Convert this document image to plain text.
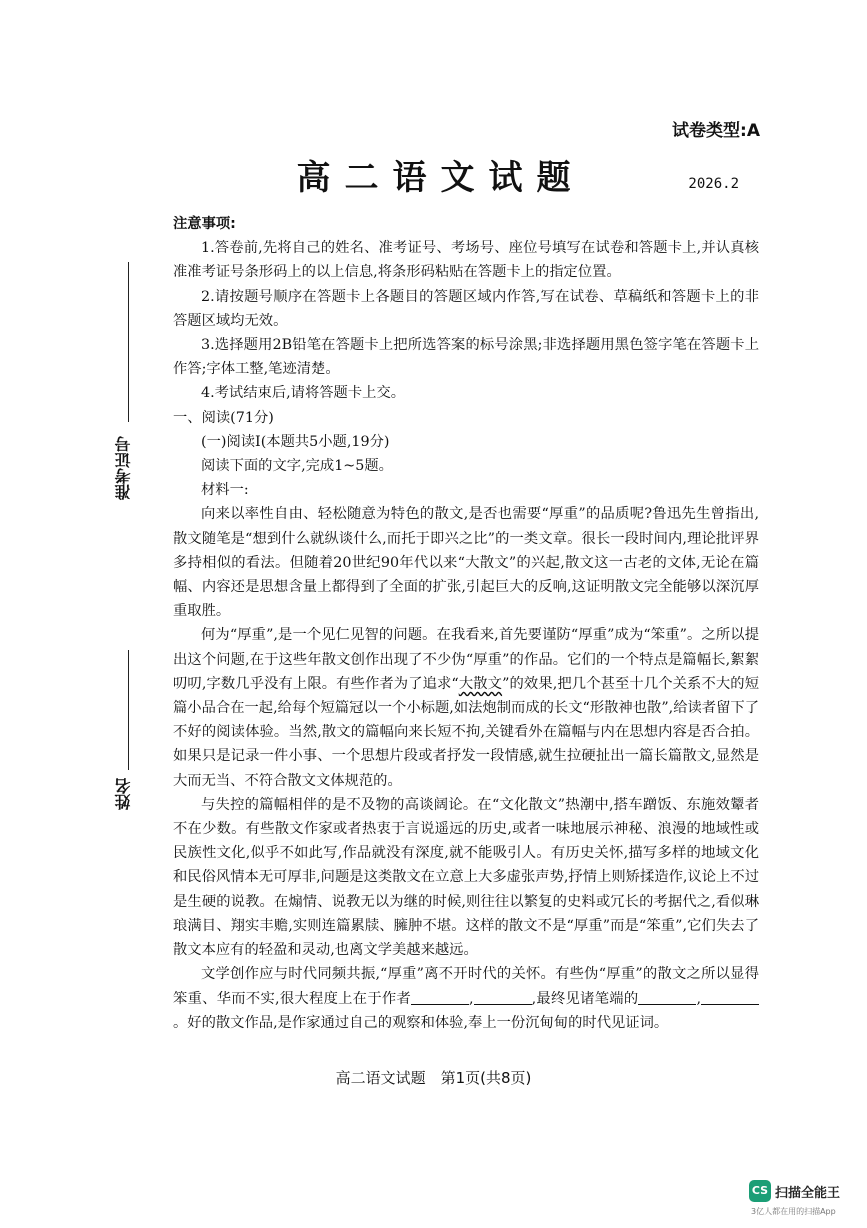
试卷类型:A
高二语文试题	2026.2
准考证号
姓名

注意事项:

1.答卷前,先将自己的姓名、准考证号、考场号、座位号填写在试卷和答题卡上,并认真核准准考证号条形码上的以上信息,将条形码粘贴在答题卡上的指定位置。

2.请按题号顺序在答题卡上各题目的答题区域内作答,写在试卷、草稿纸和答题卡上的非答题区域均无效。

3.选择题用2B铅笔在答题卡上把所选答案的标号涂黑;非选择题用黑色签字笔在答题卡上作答;字体工整,笔迹清楚。

4.考试结束后,请将答题卡上交。

一、阅读(71分)

(一)阅读Ⅰ(本题共5小题,19分)

阅读下面的文字,完成1~5题。

材料一:

向来以率性自由、轻松随意为特色的散文,是否也需要“厚重”的品质呢?鲁迅先生曾指出,散文随笔是“想到什么就纵谈什么,而托于即兴之比”的一类文章。很长一段时间内,理论批评界多持相似的看法。但随着20世纪90年代以来“大散文”的兴起,散文这一古老的文体,无论在篇幅、内容还是思想含量上都得到了全面的扩张,引起巨大的反响,这证明散文完全能够以深沉厚重取胜。

何为“厚重”,是一个见仁见智的问题。在我看来,首先要谨防“厚重”成为“笨重”。之所以提出这个问题,在于这些年散文创作出现了不少伪“厚重”的作品。它们的一个特点是篇幅长,絮絮叨叨,字数几乎没有上限。有些作者为了追求“大散文”的效果,把几个甚至十几个关系不大的短篇小品合在一起,给每个短篇冠以一个小标题,如法炮制而成的长文“形散神也散”,给读者留下了不好的阅读体验。当然,散文的篇幅向来长短不拘,关键看外在篇幅与内在思想内容是否合拍。如果只是记录一件小事、一个思想片段或者抒发一段情感,就生拉硬扯出一篇长篇散文,显然是大而无当、不符合散文文体规范的。

与失控的篇幅相伴的是不及物的高谈阔论。在“文化散文”热潮中,搭车蹭饭、东施效颦者不在少数。有些散文作家或者热衷于言说遥远的历史,或者一味地展示神秘、浪漫的地域性或民族性文化,似乎不如此写,作品就没有深度,就不能吸引人。有历史关怀,描写多样的地域文化和民俗风情本无可厚非,问题是这类散文在立意上大多虚张声势,抒情上则矫揉造作,议论上不过是生硬的说教。在煽情、说教无以为继的时候,则往往以繁复的史料或冗长的考据代之,看似琳琅满目、翔实丰赡,实则连篇累牍、臃肿不堪。这样的散文不是“厚重”而是“笨重”,它们失去了散文本应有的轻盈和灵动,也离文学美越来越远。

文学创作应与时代同频共振,“厚重”离不开时代的关怀。有些伪“厚重”的散文之所以显得笨重、华而不实,很大程度上在于作者	,	,最终见诸笔端的	,。好的散文作品,是作家通过自己的观察和体验,奉上一份沉甸甸的时代见证词。

高二语文试题　第1页(共8页)
CS 扫描全能王
3亿人都在用的扫描App
